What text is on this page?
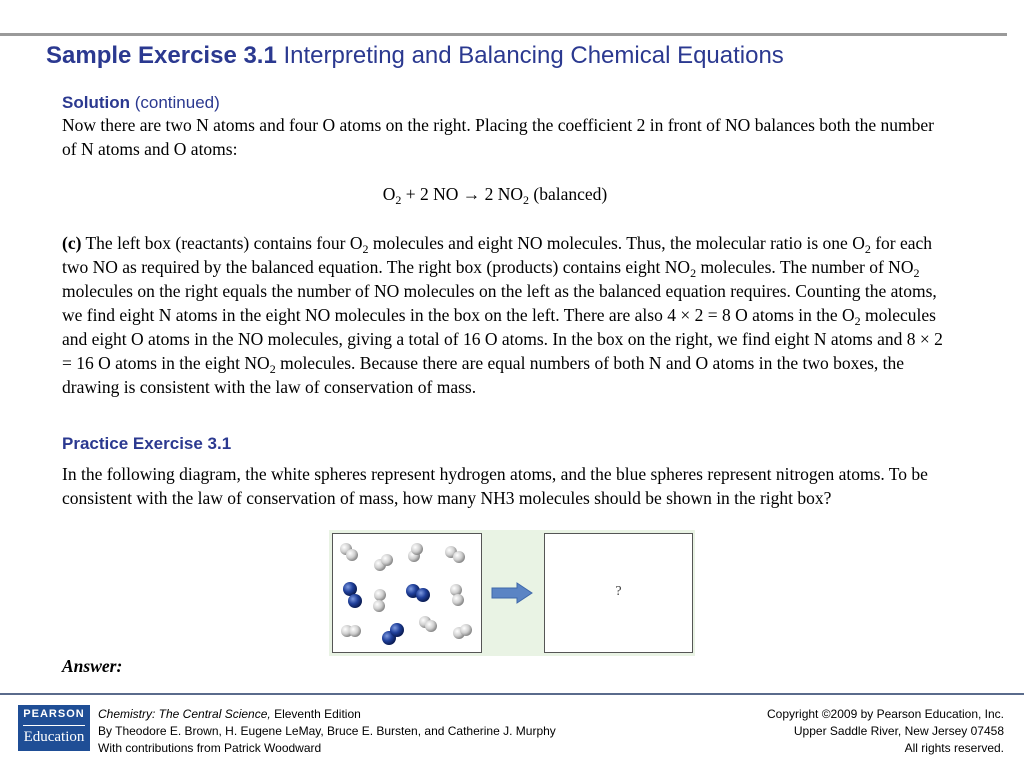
Sample Exercise 3.1 Interpreting and Balancing Chemical Equations
Solution (continued)
Now there are two N atoms and four O atoms on the right. Placing the coefficient 2 in front of NO balances both the number of N atoms and O atoms:
$O_2 + 2$ NO → 2 $NO_2$ (balanced)
(c) The left box (reactants) contains four $O_2$ molecules and eight NO molecules. Thus, the molecular ratio is one $O_2$ for each two NO as required by the balanced equation. The right box (products) contains eight $NO_2$ molecules. The number of $NO_2$ molecules on the right equals the number of NO molecules on the left as the balanced equation requires. Counting the atoms, we find eight N atoms in the eight NO molecules in the box on the left. There are also 4 × 2 = 8 O atoms in the $O_2$ molecules and eight O atoms in the NO molecules, giving a total of 16 O atoms. In the box on the right, we find eight N atoms and 8 × 2 = 16 O atoms in the eight $NO_2$ molecules. Because there are equal numbers of both N and O atoms in the two boxes, the drawing is consistent with the law of conservation of mass.
Practice Exercise 3.1
In the following diagram, the white spheres represent hydrogen atoms, and the blue spheres represent nitrogen atoms. To be consistent with the law of conservation of mass, how many NH3 molecules should be shown in the right box?
?
Answer:
PEARSON
Education
Chemistry: The Central Science, Eleventh Edition
By Theodore E. Brown, H. Eugene LeMay, Bruce E. Bursten, and Catherine J. Murphy
With contributions from Patrick Woodward
Copyright ©2009 by Pearson Education, Inc.
Upper Saddle River, New Jersey 07458
All rights reserved.
